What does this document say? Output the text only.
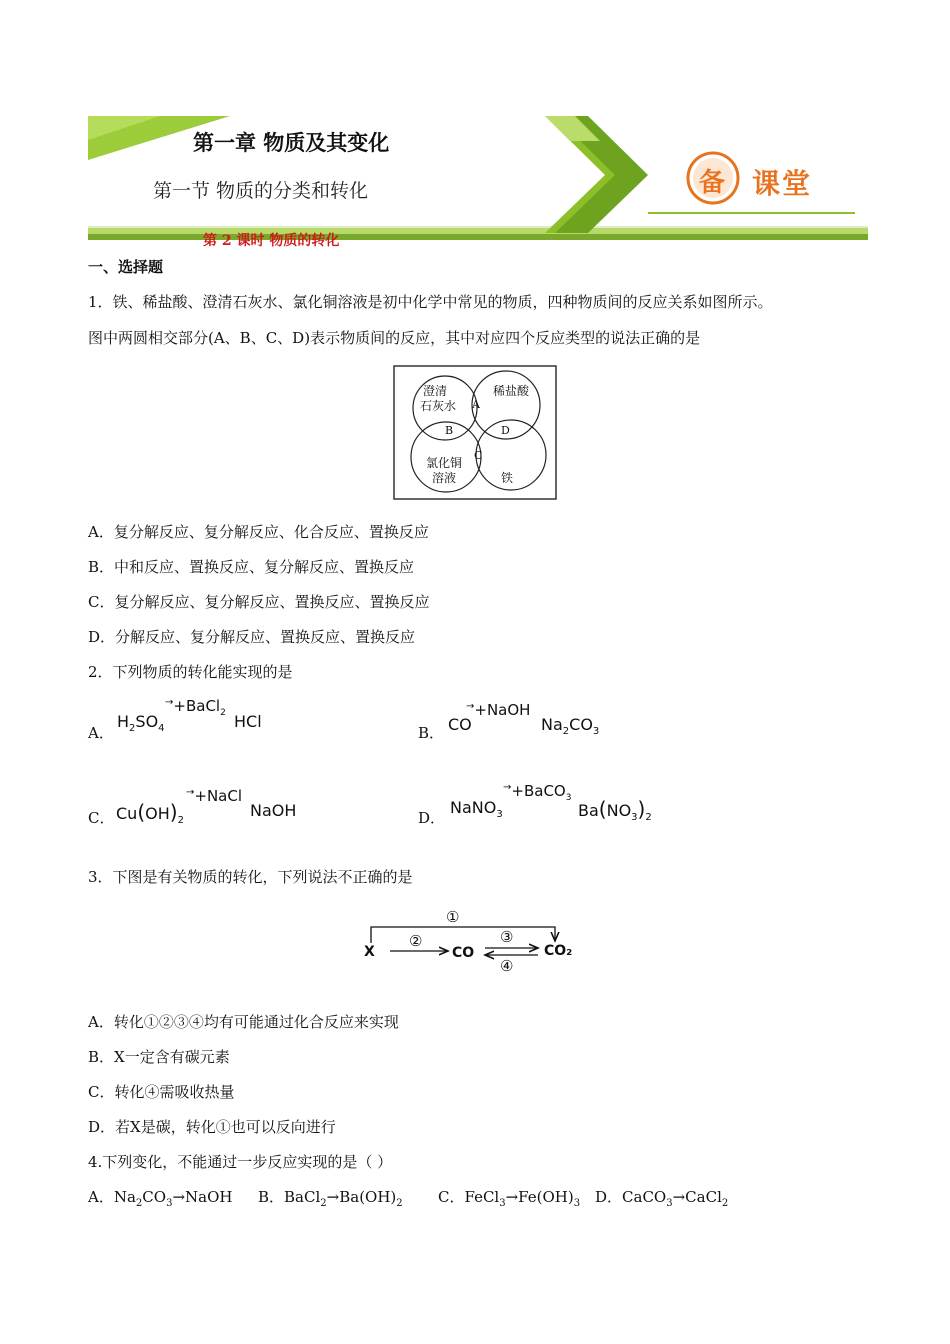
第一章 物质及其变化
第一节 物质的分类和转化
第 2 课时 物质的转化
备 课堂
一、选择题
1．铁、稀盐酸、澄清石灰水、氯化铜溶液是初中化学中常见的物质，四种物质间的反应关系如图所示。
图中两圆相交部分(A、B、C、D)表示物质间的反应，其中对应四个反应类型的说法正确的是
澄清
石灰水
稀盐酸
氯化铜
溶液	铁
A
B
C
D
A．复分解反应、复分解反应、化合反应、置换反应
B．中和反应、置换反应、复分解反应、置换反应
C．复分解反应、复分解反应、置换反应、置换反应
D．分解反应、复分解反应、置换反应、置换反应
2．下列物质的转化能实现的是
A．
$H_2SO_4$
→+BaCl$_2$ HCl
B． CO
→+NaOH
$Na_2CO_3$
C． $Cu(OH)_2$
→+NaCl
NaOH	D．
NaNO$_3$
→+BaCO$_3$
$Ba(NO_3)_2$
3．下图是有关物质的转化，下列说法不正确的是
X	CO	CO₂
①
②	③
④
A．转化①②③④均有可能通过化合反应来实现
B．X一定含有碳元素
C．转化④需吸收热量
D．若X是碳，转化①也可以反向进行
4.下列变化，不能通过一步反应实现的是（ ）
A．$Na_2CO_3\to NaOH$ B．$BaCl_2\to Ba(OH)_2$ C．$FeCl_3\to Fe(OH)_3$ D．CaCO$_3$→CaCl$_2$
